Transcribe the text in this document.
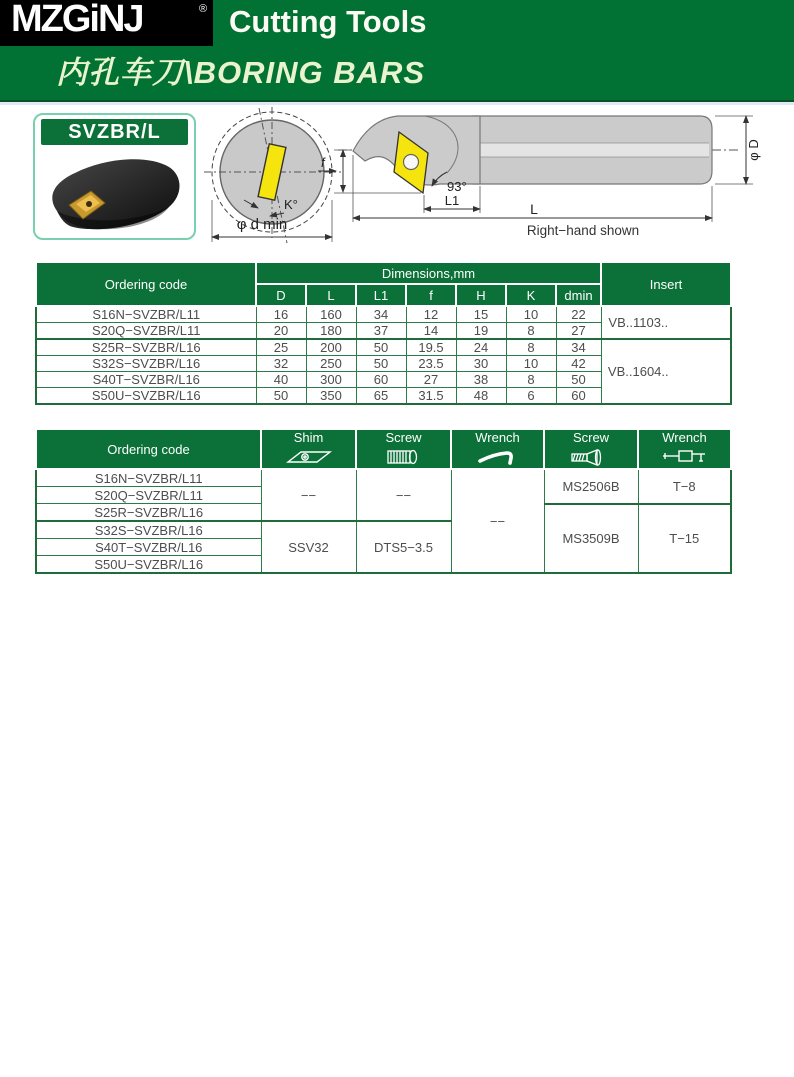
MZGiNJ	® Cutting Tools
内孔车刀\BORING BARS
SVZBR/L
K°
φ d min
f
93°
L1
L
φ D
Right−hand shown
Ordering code	Dimensions,mm							Insert
	D	L	L1	f	H	K	dmin	
S16N−SVZBR/L11	16	160	34	12	15	10	22	VB..1103..
S20Q−SVZBR/L11	20	180	37	14	19	8	27	
S25R−SVZBR/L16	25	200	50	19.5	24	8	34	VB..1604..
S32S−SVZBR/L16	32	250	50	23.5	30	10	42	
S40T−SVZBR/L16	40	300	60	27	38	8	50	
S50U−SVZBR/L16	50	350	65	31.5	48	6	60	
Ordering code	Shim	Screw	Wrench	Screw	Wrench

S16N−SVZBR/L11	−−	−−	−−	MS2506B	T−8
S20Q−SVZBR/L11					
S25R−SVZBR/L16				MS3509B	T−15
S32S−SVZBR/L16	SSV32	DTS5−3.5			
S40T−SVZBR/L16					
S50U−SVZBR/L16					
